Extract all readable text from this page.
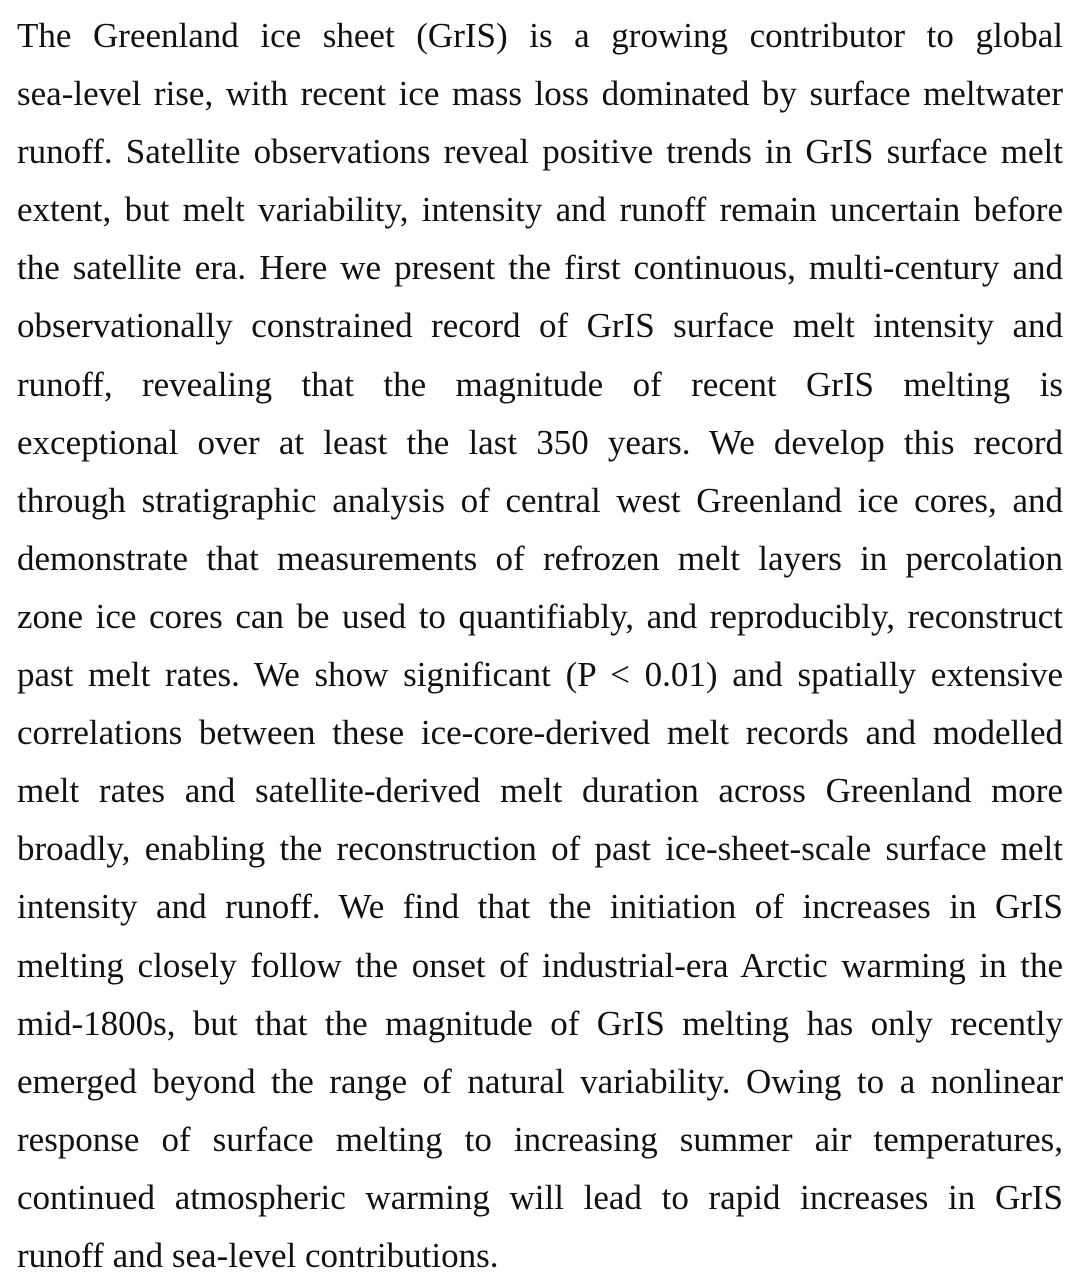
The Greenland ice sheet (GrIS) is a growing contributor to global
sea-level rise, with recent ice mass loss dominated by surface meltwater
runoff. Satellite observations reveal positive trends in GrIS surface melt
extent, but melt variability, intensity and runoff remain uncertain before
the satellite era. Here we present the first continuous, multi-century and
observationally constrained record of GrIS surface melt intensity and
runoff, revealing that the magnitude of recent GrIS melting is
exceptional over at least the last 350 years. We develop this record
through stratigraphic analysis of central west Greenland ice cores, and
demonstrate that measurements of refrozen melt layers in percolation
zone ice cores can be used to quantifiably, and reproducibly, reconstruct
past melt rates. We show significant (P < 0.01) and spatially extensive
correlations between these ice-core-derived melt records and modelled
melt rates and satellite-derived melt duration across Greenland more
broadly, enabling the reconstruction of past ice-sheet-scale surface melt
intensity and runoff. We find that the initiation of increases in GrIS
melting closely follow the onset of industrial-era Arctic warming in the
mid-1800s, but that the magnitude of GrIS melting has only recently
emerged beyond the range of natural variability. Owing to a nonlinear
response of surface melting to increasing summer air temperatures,
continued atmospheric warming will lead to rapid increases in GrIS
runoff and sea-level contributions.
